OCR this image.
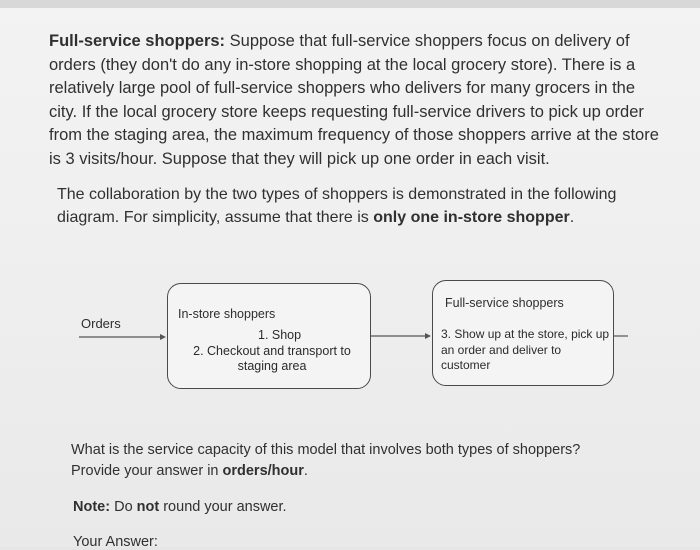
Full-service shoppers: Suppose that full-service shoppers focus on delivery of orders (they don't do any in-store shopping at the local grocery store). There is a relatively large pool of full-service shoppers who delivers for many grocers in the city. If the local grocery store keeps requesting full-service drivers to pick up order from the staging area, the maximum frequency of those shoppers arrive at the store is 3 visits/hour. Suppose that they will pick up one order in each visit.
The collaboration by the two types of shoppers is demonstrated in the following diagram. For simplicity, assume that there is only one in-store shopper.
Orders
In-store shoppers
1. Shop
2. Checkout and transport to staging area
Full-service shoppers
3. Show up at the store, pick up an order and deliver to customer
What is the service capacity of this model that involves both types of shoppers? Provide your answer in orders/hour.
Note: Do not round your answer.
Your Answer:
